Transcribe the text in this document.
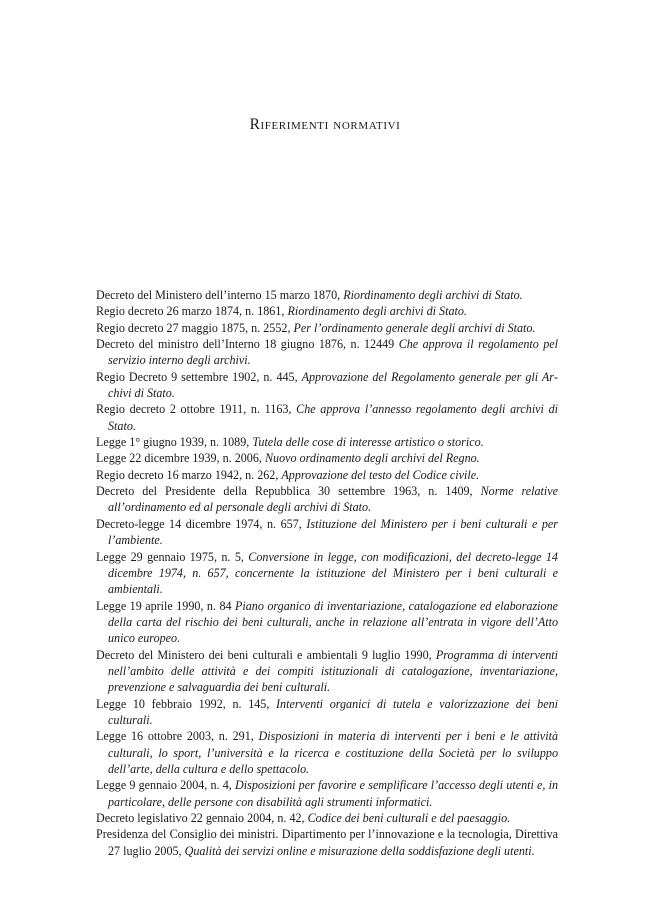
Riferimenti normativi
Decreto del Ministero dell’interno 15 marzo 1870, Riordinamento degli archivi di Stato.
Regio decreto 26 marzo 1874, n. 1861, Riordinamento degli archivi di Stato.
Regio decreto 27 maggio 1875, n. 2552, Per l’ordinamento generale degli archivi di Stato.
Decreto del ministro dell’Interno 18 giugno 1876, n. 12449 Che approva il regolamento pel servizio interno degli archivi.
Regio Decreto 9 settembre 1902, n. 445, Approvazione del Regolamento generale per gli Archivi di Stato.
Regio decreto 2 ottobre 1911, n. 1163, Che approva l’annesso regolamento degli archivi di Stato.
Legge 1° giugno 1939, n. 1089, Tutela delle cose di interesse artistico o storico.
Legge 22 dicembre 1939, n. 2006, Nuovo ordinamento degli archivi del Regno.
Regio decreto 16 marzo 1942, n. 262, Approvazione del testo del Codice civile.
Decreto del Presidente della Repubblica 30 settembre 1963, n. 1409, Norme relative all’ordinamento ed al personale degli archivi di Stato.
Decreto-legge 14 dicembre 1974, n. 657, Istituzione del Ministero per i beni culturali e per l’ambiente.
Legge 29 gennaio 1975, n. 5, Conversione in legge, con modificazioni, del decreto-legge 14 dicembre 1974, n. 657, concernente la istituzione del Ministero per i beni culturali e ambientali.
Legge 19 aprile 1990, n. 84 Piano organico di inventariazione, catalogazione ed elaborazione della carta del rischio dei beni culturali, anche in relazione all’entrata in vigore dell’Atto unico europeo.
Decreto del Ministero dei beni culturali e ambientali 9 luglio 1990, Programma di interventi nell’ambito delle attività e dei compiti istituzionali di catalogazione, inventariazione, prevenzione e salvaguardia dei beni culturali.
Legge 10 febbraio 1992, n. 145, Interventi organici di tutela e valorizzazione dei beni culturali.
Legge 16 ottobre 2003, n. 291, Disposizioni in materia di interventi per i beni e le attività culturali, lo sport, l’università e la ricerca e costituzione della Società per lo sviluppo dell’arte, della cultura e dello spettacolo.
Legge 9 gennaio 2004, n. 4, Disposizioni per favorire e semplificare l’accesso degli utenti e, in particolare, delle persone con disabilità agli strumenti informatici.
Decreto legislativo 22 gennaio 2004, n. 42, Codice dei beni culturali e del paesaggio.
Presidenza del Consiglio dei ministri. Dipartimento per l’innovazione e la tecnologia, Direttiva 27 luglio 2005, Qualità dei servizi online e misurazione della soddisfazione degli utenti.
